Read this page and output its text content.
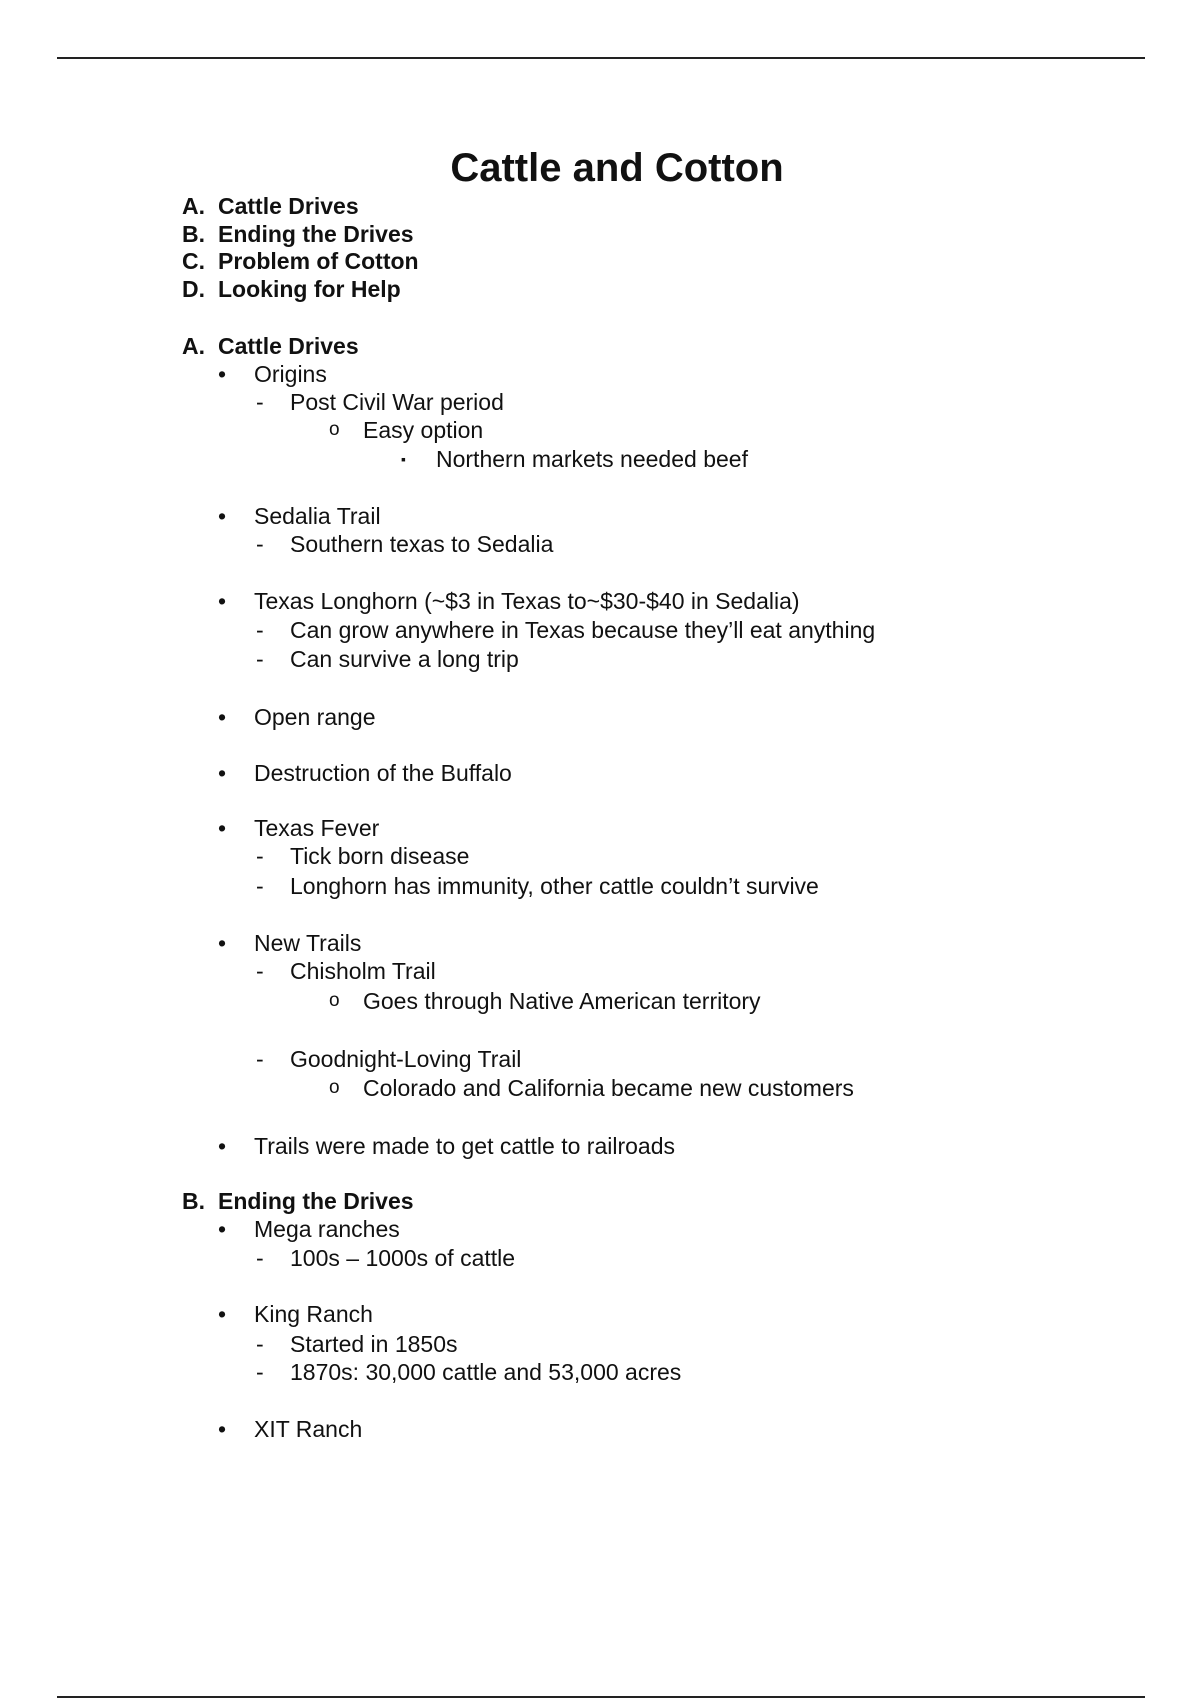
Cattle and Cotton
A. Cattle Drives
B. Ending the Drives
C. Problem of Cotton
D. Looking for Help
A. Cattle Drives
• Origins
- Post Civil War period
o Easy option
▪ Northern markets needed beef
• Sedalia Trail
- Southern texas to Sedalia
• Texas Longhorn (~$3 in Texas to~$30-$40 in Sedalia)
- Can grow anywhere in Texas because they’ll eat anything
- Can survive a long trip
• Open range
• Destruction of the Buffalo
• Texas Fever
- Tick born disease
- Longhorn has immunity, other cattle couldn’t survive
• New Trails
- Chisholm Trail
o Goes through Native American territory
- Goodnight-Loving Trail
o Colorado and California became new customers
• Trails were made to get cattle to railroads
B. Ending the Drives
• Mega ranches
- 100s – 1000s of cattle
• King Ranch
- Started in 1850s
- 1870s: 30,000 cattle and 53,000 acres
• XIT Ranch
